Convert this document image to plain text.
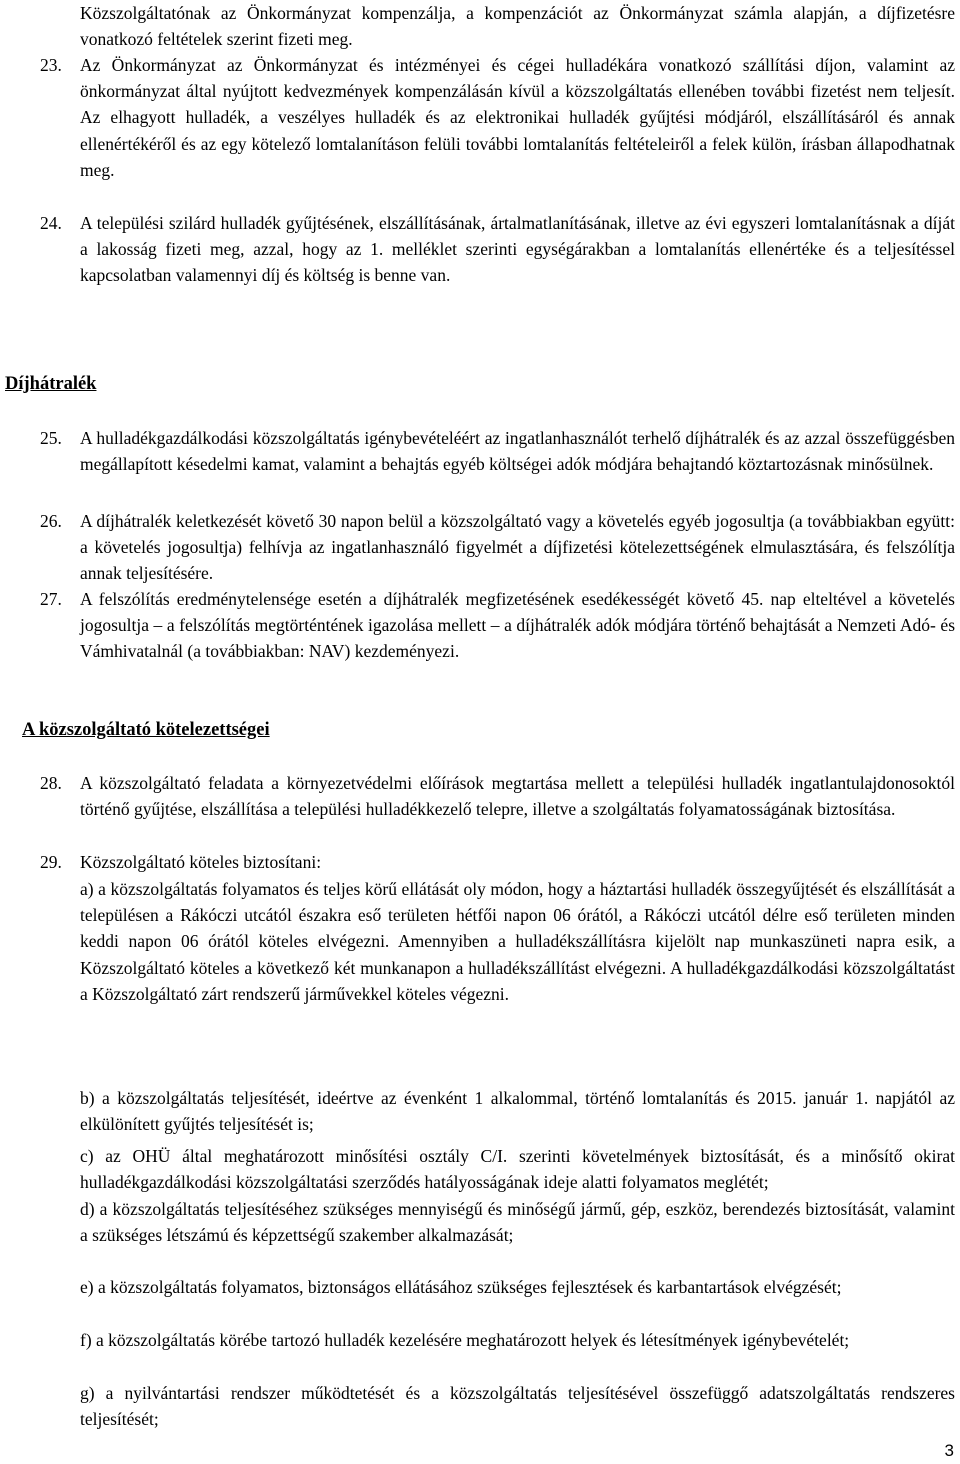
Közszolgáltatónak az Önkormányzat kompenzálja, a kompenzációt az Önkormányzat számla alapján, a díjfizetésre vonatkozó feltételek szerint fizeti meg.

23. Az Önkormányzat az Önkormányzat és intézményei és cégei hulladékára vonatkozó szállítási díjon, valamint az önkormányzat által nyújtott kedvezmények kompenzálásán kívül a közszolgáltatás ellenében további fizetést nem teljesít. Az elhagyott hulladék, a veszélyes hulladék és az elektronikai hulladék gyűjtési módjáról, elszállításáról és annak ellenértékéről és az egy kötelező lomtalanításon felüli további lomtalanítás feltételeiről a felek külön, írásban állapodhatnak meg.

24. A települési szilárd hulladék gyűjtésének, elszállításának, ártalmatlanításának, illetve az évi egyszeri lomtalanításnak a díját a lakosság fizeti meg, azzal, hogy az 1. melléklet szerinti egységárakban a lomtalanítás ellenértéke és a teljesítéssel kapcsolatban valamennyi díj és költség is benne van.

Díjhátralék
25. A hulladékgazdálkodási közszolgáltatás igénybevételéért az ingatlanhasználót terhelő díjhátralék és az azzal összefüggésben megállapított késedelmi kamat, valamint a behajtás egyéb költségei adók módjára behajtandó köztartozásnak minősülnek.

26. A díjhátralék keletkezését követő 30 napon belül a közszolgáltató vagy a követelés egyéb jogosultja (a továbbiakban együtt: a követelés jogosultja) felhívja az ingatlanhasználó figyelmét a díjfizetési kötelezettségének elmulasztására, és felszólítja annak teljesítésére.

27. A felszólítás eredménytelensége esetén a díjhátralék megfizetésének esedékességét követő 45. nap elteltével a követelés jogosultja – a felszólítás megtörténtének igazolása mellett – a díjhátralék adók módjára történő behajtását a Nemzeti Adó- és Vámhivatalnál (a továbbiakban: NAV) kezdeményezi.

A közszolgáltató kötelezettségei
28. A közszolgáltató feladata a környezetvédelmi előírások megtartása mellett a települési hulladék ingatlantulajdonosoktól történő gyűjtése, elszállítása a települési hulladékkezelő telepre, illetve a szolgáltatás folyamatosságának biztosítása.

29. Közszolgáltató köteles biztosítani:

a) a közszolgáltatás folyamatos és teljes körű ellátását oly módon, hogy a háztartási hulladék összegyűjtését és elszállítását a településen a Rákóczi utcától északra eső területen hétfői napon 06 órától, a Rákóczi utcától délre eső területen minden keddi napon 06 órától köteles elvégezni. Amennyiben a hulladékszállításra kijelölt nap munkaszüneti napra esik, a Közszolgáltató köteles a következő két munkanapon a hulladékszállítást elvégezni. A hulladékgazdálkodási közszolgáltatást a Közszolgáltató zárt rendszerű járművekkel köteles végezni.

b) a közszolgáltatás teljesítését, ideértve az évenként 1 alkalommal, történő lomtalanítás és 2015. január 1. napjától az elkülönített gyűjtés teljesítését is;

c) az OHÜ által meghatározott minősítési osztály C/I. szerinti követelmények biztosítását, és a minősítő okirat hulladékgazdálkodási közszolgáltatási szerződés hatályosságának ideje alatti folyamatos meglétét;

d) a közszolgáltatás teljesítéséhez szükséges mennyiségű és minőségű jármű, gép, eszköz, berendezés biztosítását, valamint a szükséges létszámú és képzettségű szakember alkalmazását;

e) a közszolgáltatás folyamatos, biztonságos ellátásához szükséges fejlesztések és karbantartások elvégzését;

f) a közszolgáltatás körébe tartozó hulladék kezelésére meghatározott helyek és létesítmények igénybevételét;

g) a nyilvántartási rendszer működtetését és a közszolgáltatás teljesítésével összefüggő adatszolgáltatás rendszeres teljesítését;

3
